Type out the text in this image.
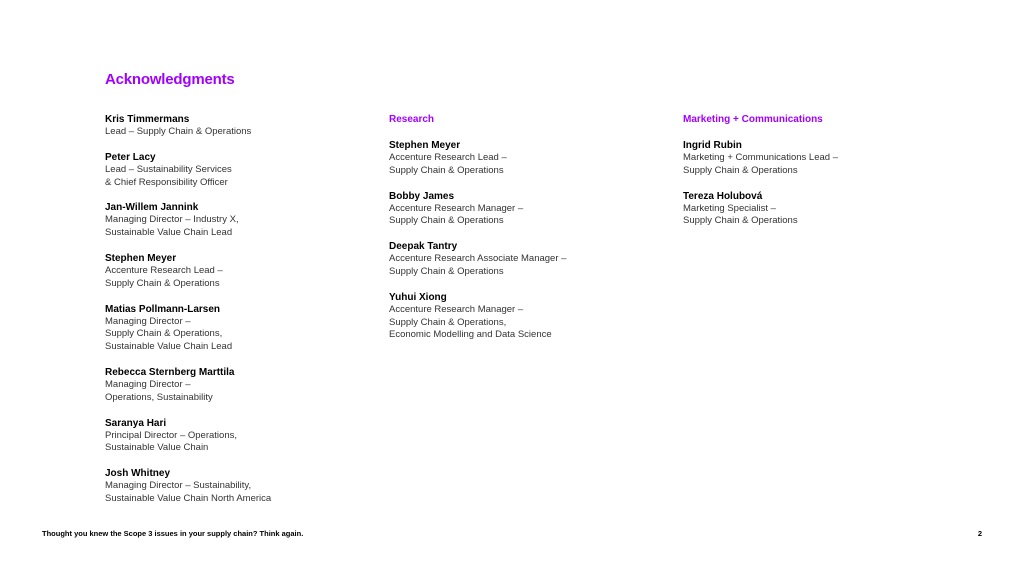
Acknowledgments
Kris Timmermans
Lead – Supply Chain & Operations
Peter Lacy
Lead – Sustainability Services
& Chief Responsibility Officer
Jan-Willem Jannink
Managing Director – Industry X,
Sustainable Value Chain Lead
Stephen Meyer
Accenture Research Lead –
Supply Chain & Operations
Matias Pollmann-Larsen
Managing Director –
Supply Chain & Operations,
Sustainable Value Chain Lead
Rebecca Sternberg Marttila
Managing Director –
Operations, Sustainability
Saranya Hari
Principal Director – Operations,
Sustainable Value Chain
Josh Whitney
Managing Director – Sustainability,
Sustainable Value Chain North America
Research
Stephen Meyer
Accenture Research Lead –
Supply Chain & Operations
Bobby James
Accenture Research Manager –
Supply Chain & Operations
Deepak Tantry
Accenture Research Associate Manager –
Supply Chain & Operations
Yuhui Xiong
Accenture Research Manager –
Supply Chain & Operations,
Economic Modelling and Data Science
Marketing + Communications
Ingrid Rubin
Marketing + Communications Lead –
Supply Chain & Operations
Tereza Holubová
Marketing Specialist –
Supply Chain & Operations
Thought you knew the Scope 3 issues in your supply chain? Think again.	2
